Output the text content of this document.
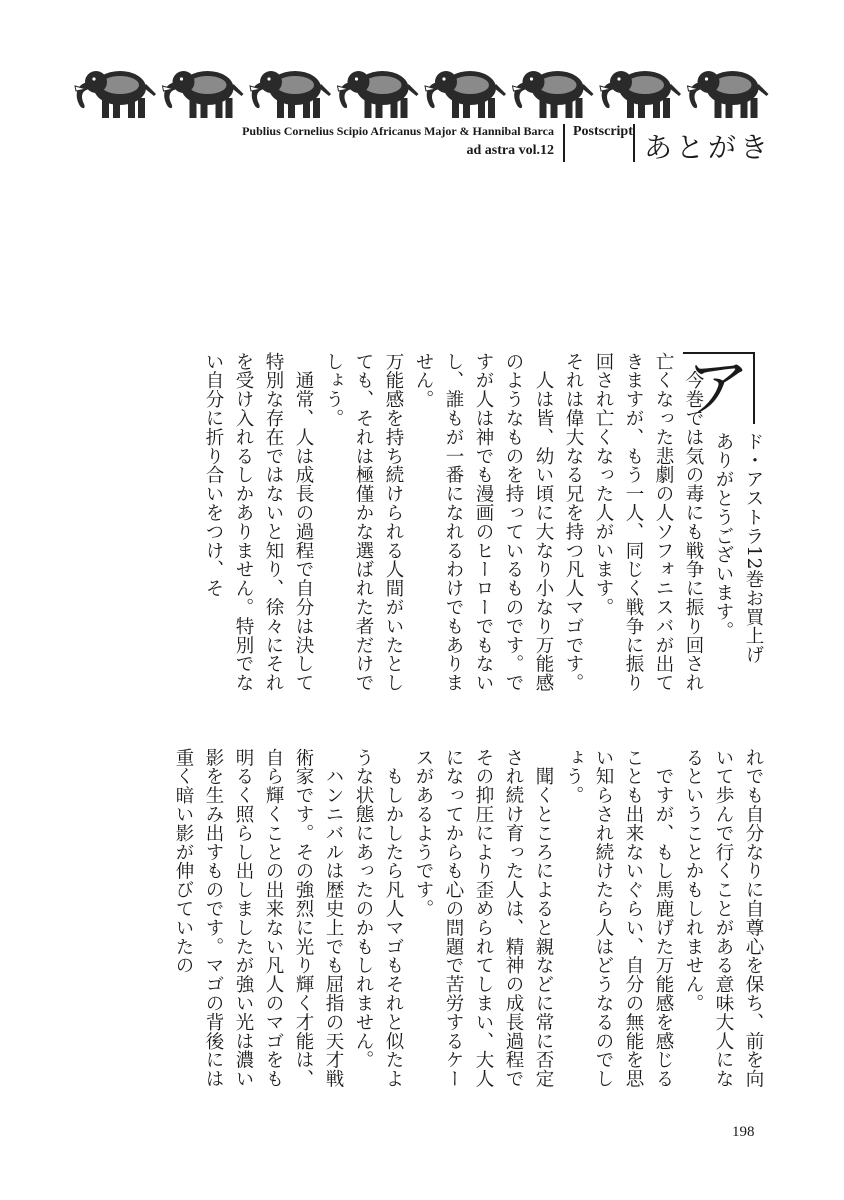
Publius Cornelius Scipio Africanus Major & Hannibal Barca
ad astra vol.12
Postscript あとがき
ア

ド・アストラ12巻お買上げ

ありがとうございます。

　今巻では気の毒にも戦争に振り回され亡くなった悲劇の人ソフォニスバが出てきますが、もう一人、同じく戦争に振り回され亡くなった人がいます。

それは偉大なる兄を持つ凡人マゴです。

　人は皆、幼い頃に大なり小なり万能感のようなものを持っているものです。ですが人は神でも漫画のヒーローでもないし、誰もが一番になれるわけでもありません。

万能感を持ち続けられる人間がいたとしても、それは極僅かな選ばれた者だけでしょう。

　通常、人は成長の過程で自分は決して特別な存在ではないと知り、徐々にそれを受け入れるしかありません。特別でない自分に折り合いをつけ、そ

れでも自分なりに自尊心を保ち、前を向いて歩んで行くことがある意味大人になるということかもしれません。

　ですが、もし馬鹿げた万能感を感じることも出来ないぐらい、自分の無能を思い知らされ続けたら人はどうなるのでしょう。

　聞くところによると親などに常に否定され続け育った人は、精神の成長過程でその抑圧により歪められてしまい、大人になってからも心の問題で苦労するケースがあるようです。

　もしかしたら凡人マゴもそれと似たような状態にあったのかもしれません。

　ハンニバルは歴史上でも屈指の天才戦術家です。その強烈に光り輝く才能は、自ら輝くことの出来ない凡人のマゴをも明るく照らし出しましたが強い光は濃い影を生み出すものです。マゴの背後には重く暗い影が伸びていたの

198
